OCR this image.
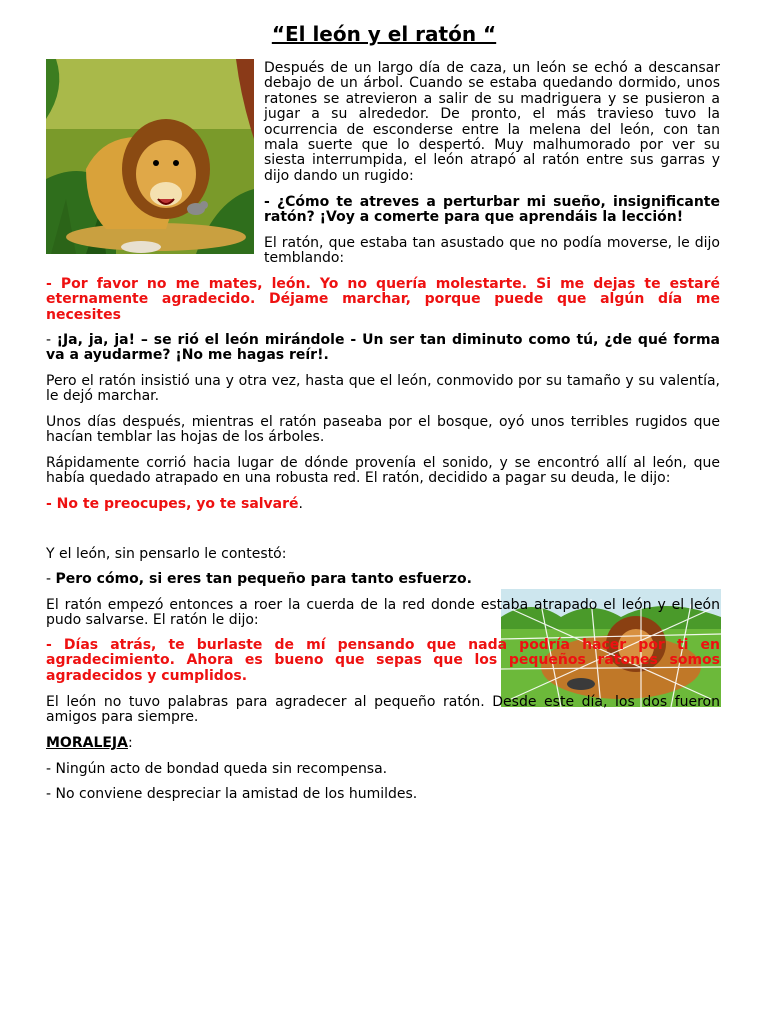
“El león y el ratón “

Después de un largo día de caza, un león se echó a descansar debajo de un árbol. Cuando se estaba quedando dormido, unos ratones se atrevieron a salir de su madriguera y se pusieron a jugar a su alrededor. De pronto, el más travieso tuvo la ocurrencia de esconderse entre la melena del león, con tan mala suerte que lo despertó. Muy malhumorado por ver su siesta interrumpida, el león atrapó al ratón entre sus garras y dijo dando un rugido:

- ¿Cómo te atreves a perturbar mi sueño, insignificante ratón? ¡Voy a comerte para que aprendáis la lección!

El ratón, que estaba tan asustado que no podía moverse, le dijo temblando:

- Por favor no me mates, león. Yo no quería molestarte. Si me dejas te estaré eternamente agradecido. Déjame marchar, porque puede que algún día me necesites

- ¡Ja, ja, ja! – se rió el león mirándole - Un ser tan diminuto como tú, ¿de qué forma va a ayudarme? ¡No me hagas reír!.

Pero el ratón insistió una y otra vez, hasta que el león, conmovido por su tamaño y su valentía, le dejó marchar.

Unos días después, mientras el ratón paseaba por el bosque, oyó unos terribles rugidos que hacían temblar las hojas de los árboles.

Rápidamente corrió hacia lugar de dónde provenía el sonido, y se encontró allí al león, que había quedado atrapado en una robusta red. El ratón, decidido a pagar su deuda, le dijo:

- No te preocupes, yo te salvaré.

Y el león, sin pensarlo le contestó:

- Pero cómo, si eres tan pequeño para tanto esfuerzo.

El ratón empezó entonces a roer la cuerda de la red donde estaba atrapado el león y el león pudo salvarse. El ratón le dijo:

- Días atrás, te burlaste de mí pensando que nada podría hacer por ti en agradecimiento. Ahora es bueno que sepas que los pequeños ratones somos agradecidos y cumplidos.

El león no tuvo palabras para agradecer al pequeño ratón. Desde este día, los dos fueron amigos para siempre.

MORALEJA:

- Ningún acto de bondad queda sin recompensa.

- No conviene despreciar la amistad de los humildes.
